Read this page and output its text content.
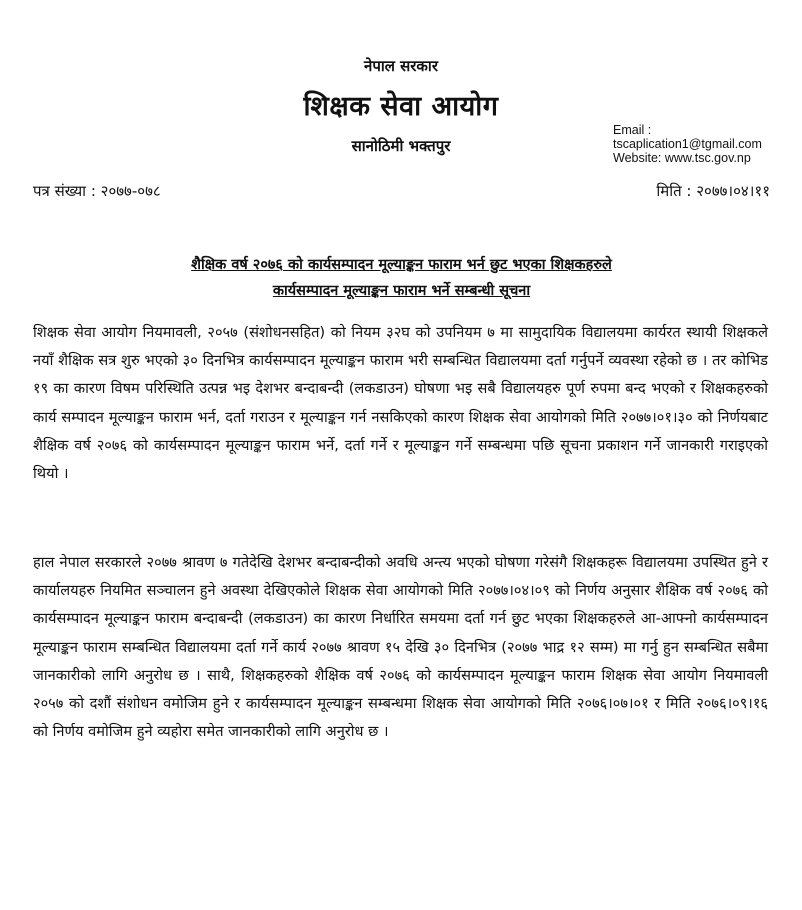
नेपाल सरकार
शिक्षक सेवा आयोग
सानोठिमी भक्तपुर
Email :
tscaplication1@tgmail.com
Website: www.tsc.gov.np
पत्र संख्या : २०७७-०७८	मिति : २०७७।०४।११
शैक्षिक वर्ष २०७६ को कार्यसम्पादन मूल्याङ्कन फाराम भर्न छुट भएका शिक्षकहरुले
कार्यसम्पादन मूल्याङ्कन फाराम भर्ने सम्बन्धी सूचना

शिक्षक सेवा आयोग नियमावली, २०५७ (संशोधनसहित) को नियम ३२घ को उपनियम ७ मा सामुदायिक विद्यालयमा कार्यरत स्थायी शिक्षकले नयाँ शैक्षिक सत्र शुरु भएको ३० दिनभित्र कार्यसम्पादन मूल्याङ्कन फाराम भरी सम्बन्धित विद्यालयमा दर्ता गर्नुपर्ने व्यवस्था रहेको छ । तर कोभिड १९ का कारण विषम परिस्थिति उत्पन्न भइ देशभर बन्दाबन्दी (लकडाउन) घोषणा भइ सबै विद्यालयहरु पूर्ण रुपमा बन्द भएको र शिक्षकहरुको कार्य सम्पादन मूल्याङ्कन फाराम भर्न, दर्ता गराउन र मूल्याङ्कन गर्न नसकिएको कारण शिक्षक सेवा आयोगको मिति २०७७।०१।३० को निर्णयबाट शैक्षिक वर्ष २०७६ को कार्यसम्पादन मूल्याङ्कन फाराम भर्ने, दर्ता गर्ने र मूल्याङ्कन गर्ने सम्बन्धमा पछि सूचना प्रकाशन गर्ने जानकारी गराइएको थियो ।

हाल नेपाल सरकारले २०७७ श्रावण ७ गतेदेखि देशभर बन्दाबन्दीको अवधि अन्त्य भएको घोषणा गरेसंगै शिक्षकहरू विद्यालयमा उपस्थित हुने र कार्यालयहरु नियमित सञ्चालन हुने अवस्था देखिएकोले शिक्षक सेवा आयोगको मिति २०७७।०४।०९ को निर्णय अनुसार शैक्षिक वर्ष २०७६ को कार्यसम्पादन मूल्याङ्कन फाराम बन्दाबन्दी (लकडाउन) का कारण निर्धारित समयमा दर्ता गर्न छुट भएका शिक्षकहरुले आ-आफ्नो कार्यसम्पादन मूल्याङ्कन फाराम सम्बन्धित विद्यालयमा दर्ता गर्ने कार्य २०७७ श्रावण १५ देखि ३० दिनभित्र (२०७७ भाद्र १२ सम्म) मा गर्नु हुन सम्बन्धित सबैमा जानकारीको लागि अनुरोध छ । साथै, शिक्षकहरुको शैक्षिक वर्ष २०७६ को कार्यसम्पादन मूल्याङ्कन फाराम शिक्षक सेवा आयोग नियमावली २०५७ को दशौं संशोधन वमोजिम हुने र कार्यसम्पादन मूल्याङ्कन सम्बन्धमा शिक्षक सेवा आयोगको मिति २०७६।०७।०१ र मिति २०७६।०९।१६ को निर्णय वमोजिम हुने व्यहोरा समेत जानकारीको लागि अनुरोध छ ।
